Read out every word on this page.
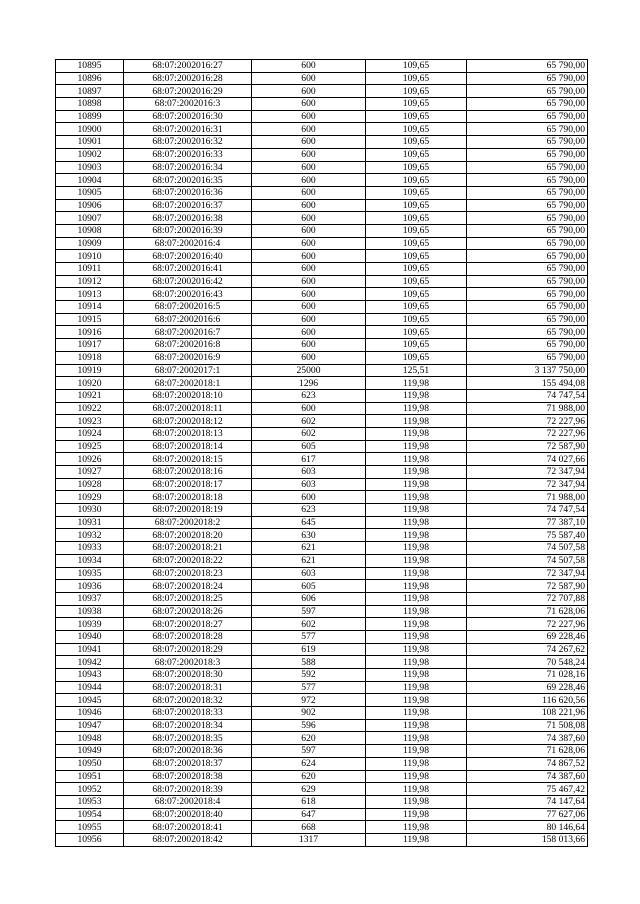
10895	68:07:2002016:27	600	109,65	65 790,00
10896	68:07:2002016:28	600	109,65	65 790,00
10897	68:07:2002016:29	600	109,65	65 790,00
10898	68:07:2002016:3	600	109,65	65 790,00
10899	68:07:2002016:30	600	109,65	65 790,00
10900	68:07:2002016:31	600	109,65	65 790,00
10901	68:07:2002016:32	600	109,65	65 790,00
10902	68:07:2002016:33	600	109,65	65 790,00
10903	68:07:2002016:34	600	109,65	65 790,00
10904	68:07:2002016:35	600	109,65	65 790,00
10905	68:07:2002016:36	600	109,65	65 790,00
10906	68:07:2002016:37	600	109,65	65 790,00
10907	68:07:2002016:38	600	109,65	65 790,00
10908	68:07:2002016:39	600	109,65	65 790,00
10909	68:07:2002016:4	600	109,65	65 790,00
10910	68:07:2002016:40	600	109,65	65 790,00
10911	68:07:2002016:41	600	109,65	65 790,00
10912	68:07:2002016:42	600	109,65	65 790,00
10913	68:07:2002016:43	600	109,65	65 790,00
10914	68:07:2002016:5	600	109,65	65 790,00
10915	68:07:2002016:6	600	109,65	65 790,00
10916	68:07:2002016:7	600	109,65	65 790,00
10917	68:07:2002016:8	600	109,65	65 790,00
10918	68:07:2002016:9	600	109,65	65 790,00
10919	68:07:2002017:1	25000	125,51	3 137 750,00
10920	68:07:2002018:1	1296	119,98	155 494,08
10921	68:07:2002018:10	623	119,98	74 747,54
10922	68:07:2002018:11	600	119,98	71 988,00
10923	68:07:2002018:12	602	119,98	72 227,96
10924	68:07:2002018:13	602	119,98	72 227,96
10925	68:07:2002018:14	605	119,98	72 587,90
10926	68:07:2002018:15	617	119,98	74 027,66
10927	68:07:2002018:16	603	119,98	72 347,94
10928	68:07:2002018:17	603	119,98	72 347,94
10929	68:07:2002018:18	600	119,98	71 988,00
10930	68:07:2002018:19	623	119,98	74 747,54
10931	68:07:2002018:2	645	119,98	77 387,10
10932	68:07:2002018:20	630	119,98	75 587,40
10933	68:07:2002018:21	621	119,98	74 507,58
10934	68:07:2002018:22	621	119,98	74 507,58
10935	68:07:2002018:23	603	119,98	72 347,94
10936	68:07:2002018:24	605	119,98	72 587,90
10937	68:07:2002018:25	606	119,98	72 707,88
10938	68:07:2002018:26	597	119,98	71 628,06
10939	68:07:2002018:27	602	119,98	72 227,96
10940	68:07:2002018:28	577	119,98	69 228,46
10941	68:07:2002018:29	619	119,98	74 267,62
10942	68:07:2002018:3	588	119,98	70 548,24
10943	68:07:2002018:30	592	119,98	71 028,16
10944	68:07:2002018:31	577	119,98	69 228,46
10945	68:07:2002018:32	972	119,98	116 620,56
10946	68:07:2002018:33	902	119,98	108 221,96
10947	68:07:2002018:34	596	119,98	71 508,08
10948	68:07:2002018:35	620	119,98	74 387,60
10949	68:07:2002018:36	597	119,98	71 628,06
10950	68:07:2002018:37	624	119,98	74 867,52
10951	68:07:2002018:38	620	119,98	74 387,60
10952	68:07:2002018:39	629	119,98	75 467,42
10953	68:07:2002018:4	618	119,98	74 147,64
10954	68:07:2002018:40	647	119,98	77 627,06
10955	68:07:2002018:41	668	119,98	80 146,64
10956	68:07:2002018:42	1317	119,98	158 013,66
